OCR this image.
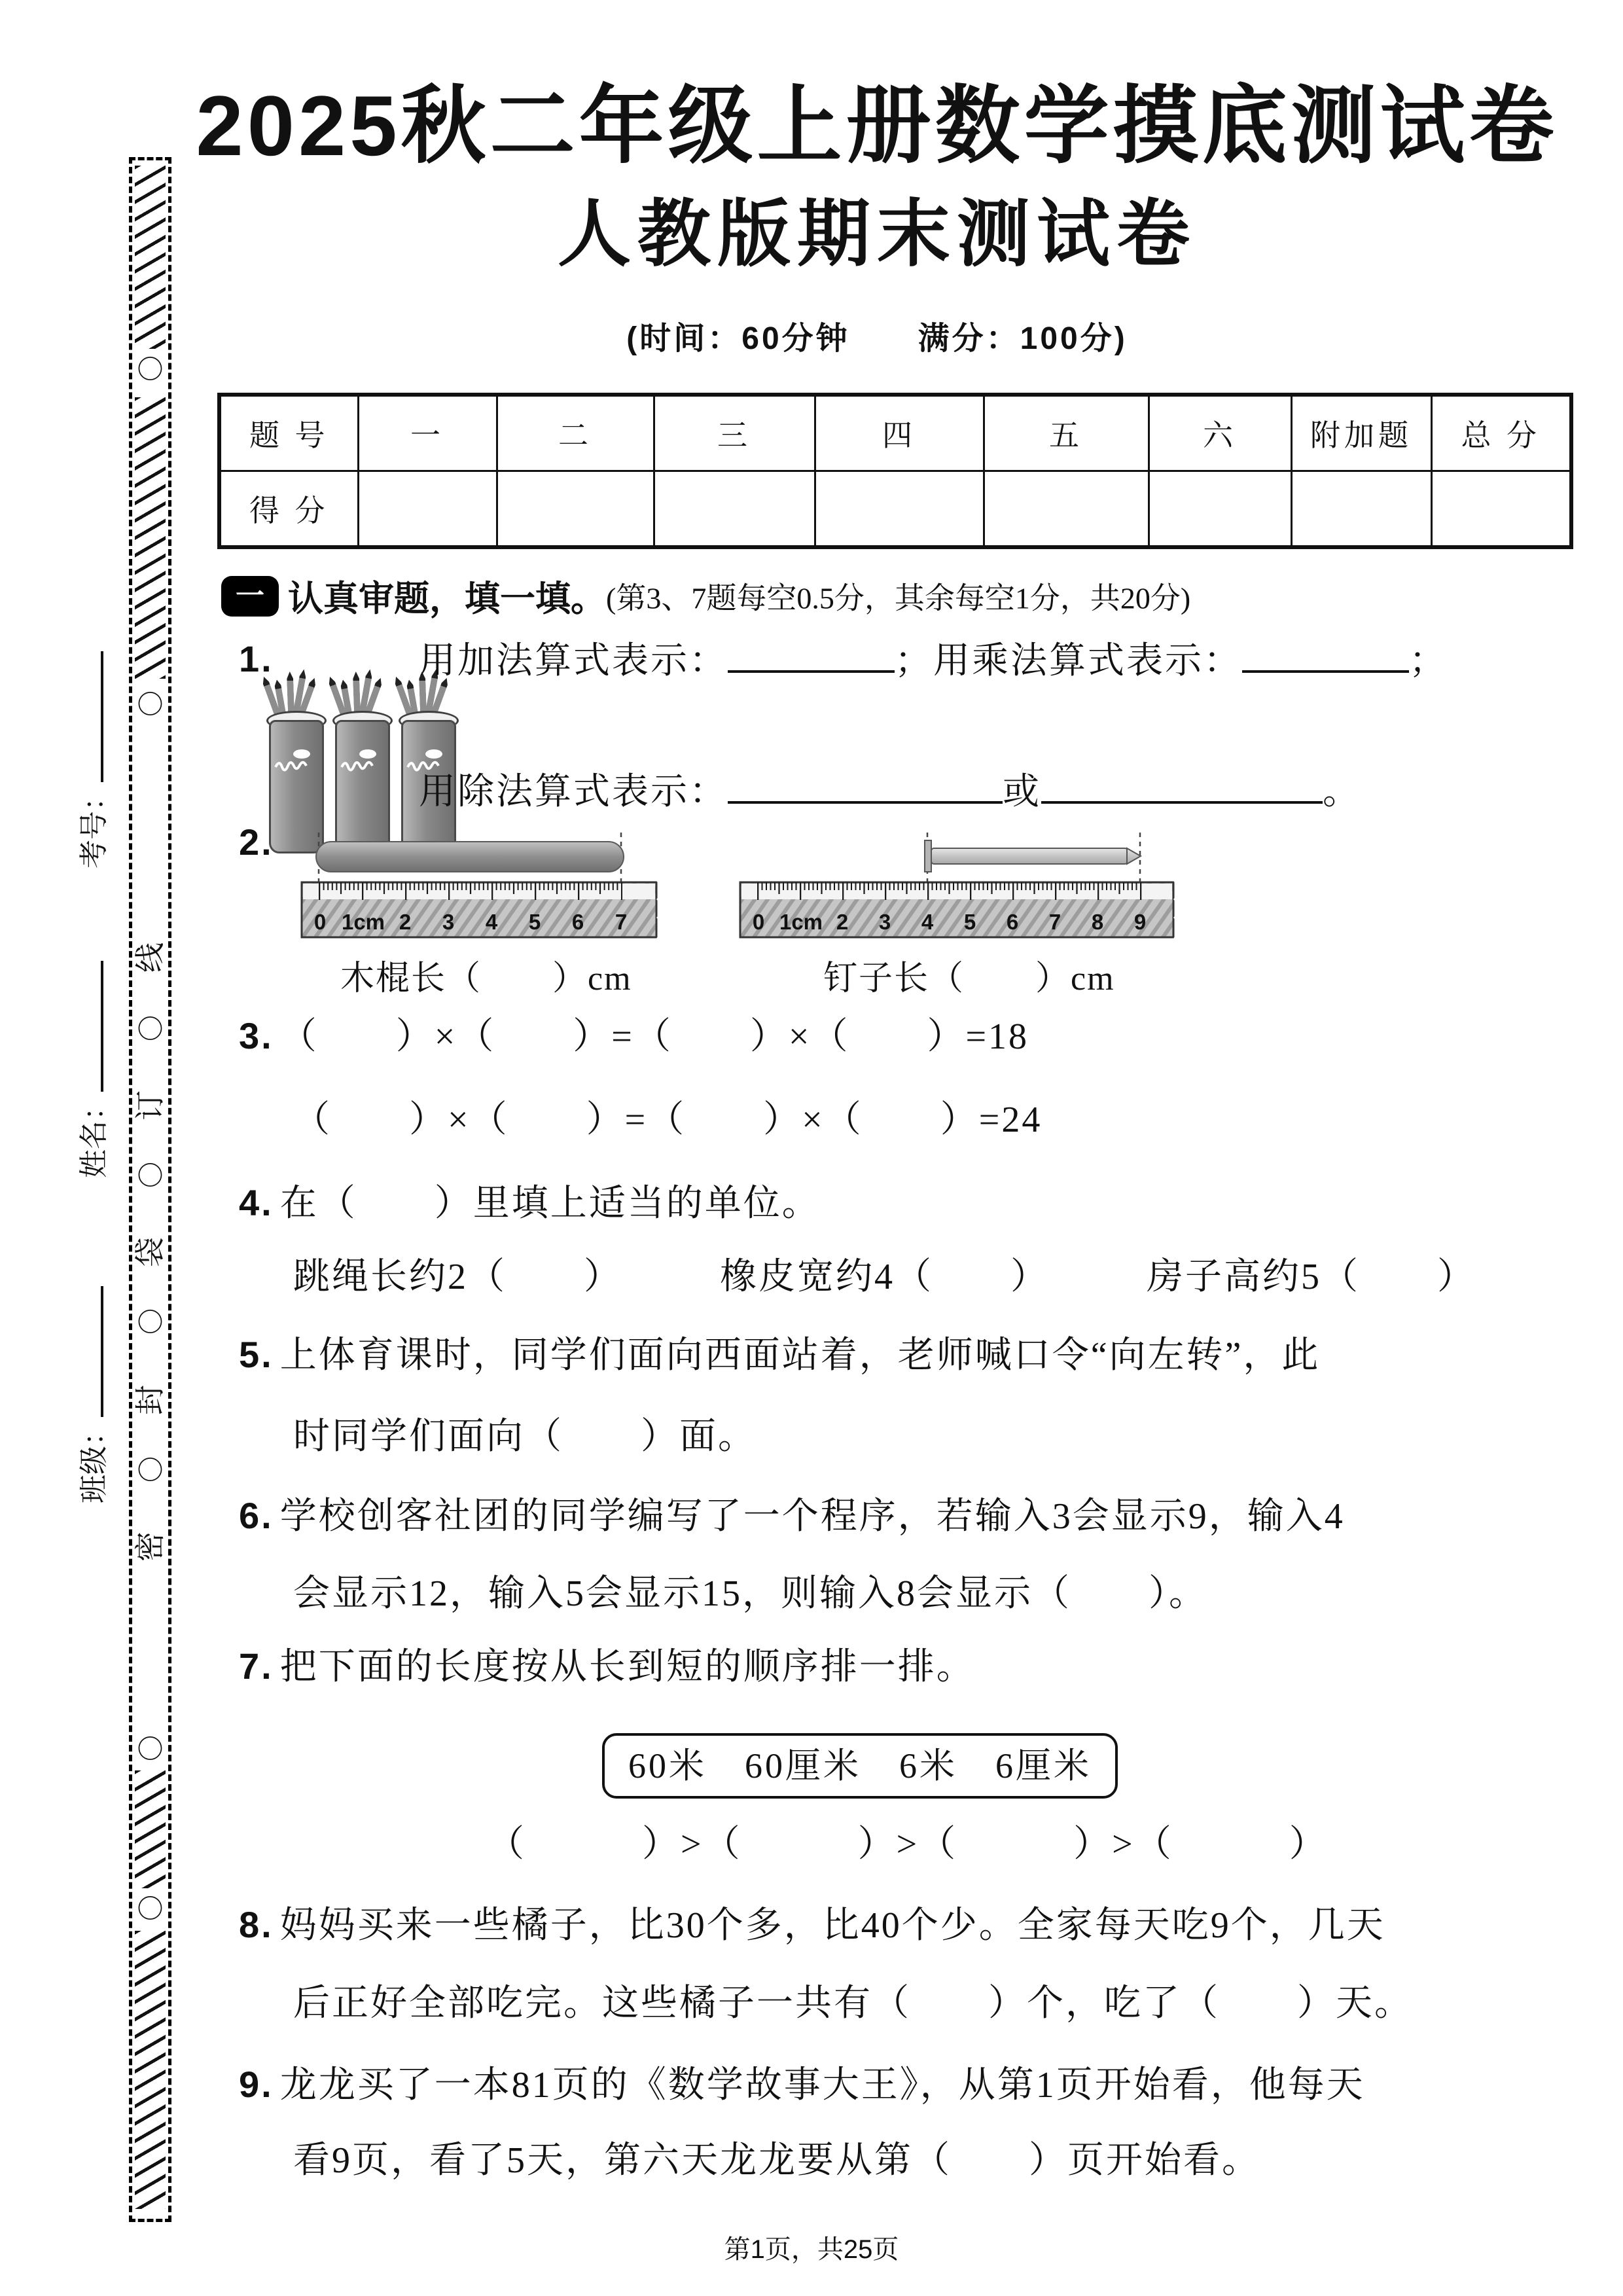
〇
〇
线
〇
订
〇
袋
〇
封
〇
密
〇
〇
考号：
姓名：
班级：
2025秋二年级上册数学摸底测试卷
人教版期末测试卷
(时间：60分钟　　满分：100分)
题 号	一	二	三	四	五	六	附加题	总 分
得 分								
一 认真审题，填一填。(第3、7题每空0.5分，其余每空1分，共20分)
1.	用加法算式表示：	；用乘法算式表示：	；
用除法算式表示：	或	。
2.
0 1cm 2 3 4 5 6 7	0 1cm 2 3 4 5 6 7 8 9
木棍长（　　）cm	钉子长（　　）cm
3. （　　）×（　　）=（　　）×（　　）=18
（　　）×（　　）=（　　）×（　　）=24
4. 在（　　）里填上适当的单位。
跳绳长约2（　　）　　　橡皮宽约4（　　）　　　房子高约5（　　）
5. 上体育课时，同学们面向西面站着，老师喊口令“向左转”，此
时同学们面向（　　）面。
6. 学校创客社团的同学编写了一个程序，若输入3会显示9，输入4
会显示12，输入5会显示15，则输入8会显示（　　）。
7. 把下面的长度按从长到短的顺序排一排。
60米　60厘米　6米　6厘米
（　　　）>（　　　）>（　　　）>（　　　）
8. 妈妈买来一些橘子，比30个多，比40个少。全家每天吃9个，几天
后正好全部吃完。这些橘子一共有（　　）个，吃了（　　）天。
9. 龙龙买了一本81页的《数学故事大王》，从第1页开始看，他每天
看9页，看了5天，第六天龙龙要从第（　　）页开始看。
第1页，共25页
